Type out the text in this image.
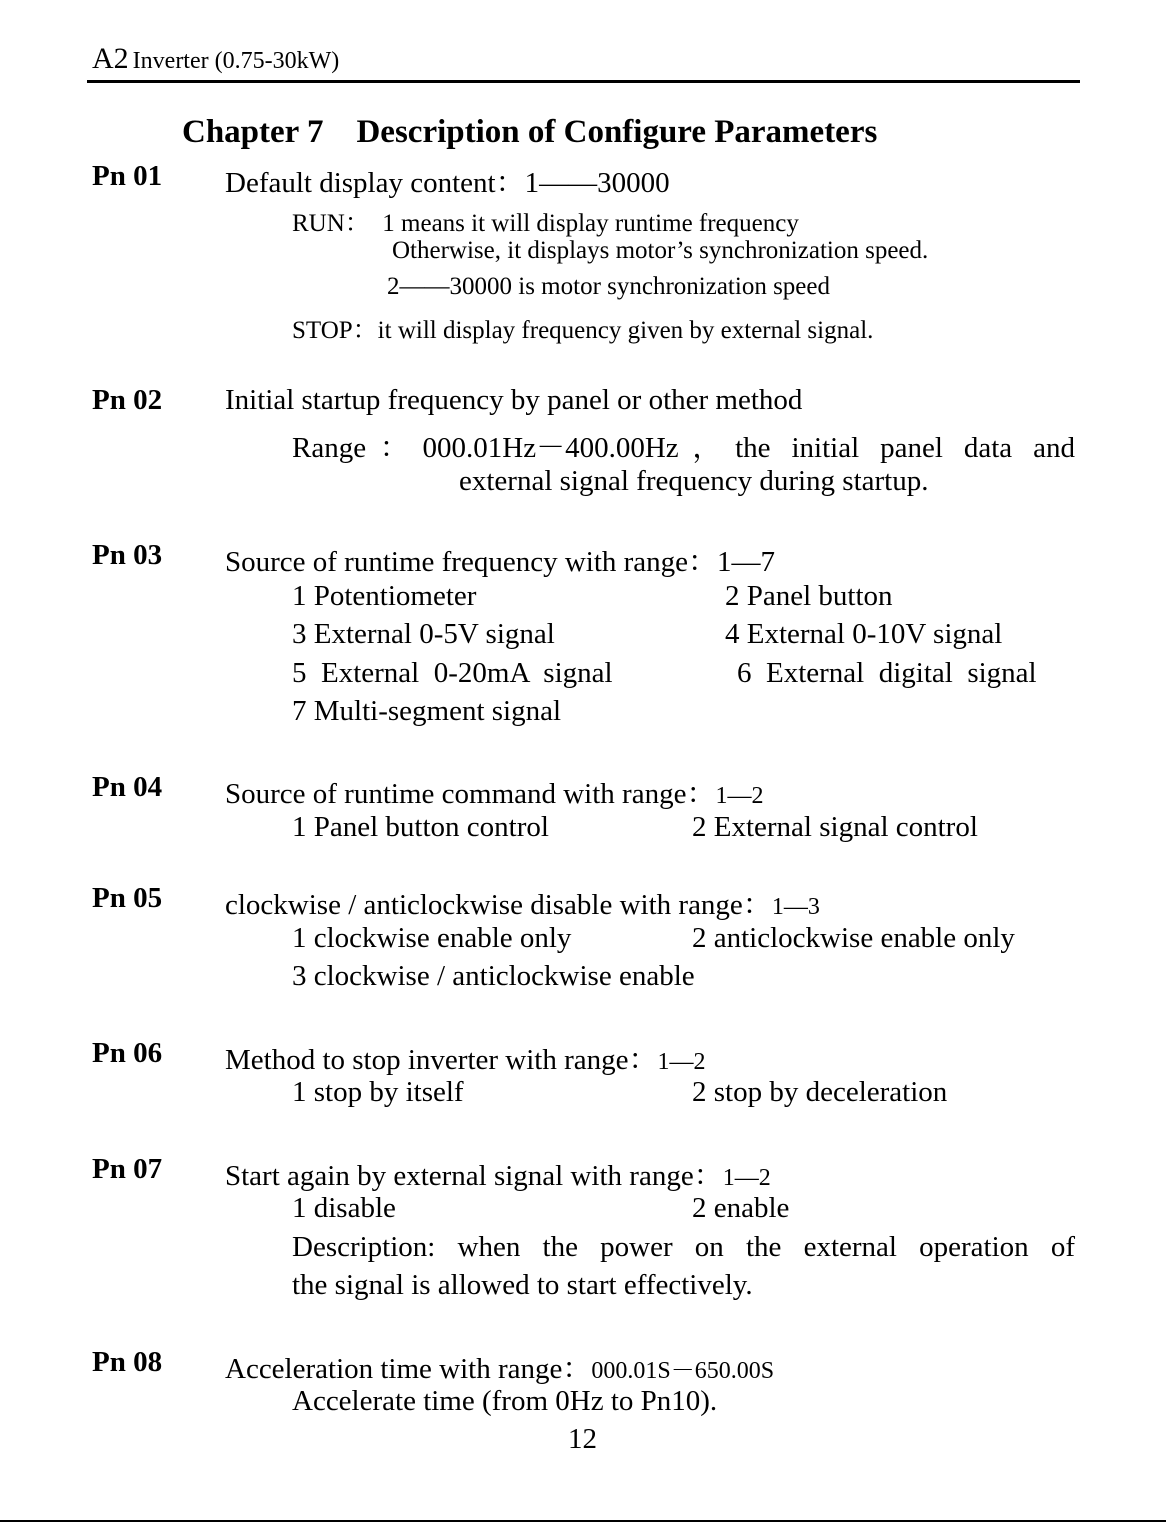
A2 Inverter (0.75-30kW)
Chapter 7    Description of Configure Parameters
Pn 01 Default display content：1——30000
RUN：  1 means it will display runtime frequency
Otherwise, it displays motor’s synchronization speed.
2——30000 is motor synchronization speed
STOP：it will display frequency given by external signal.
Pn 02 Initial startup frequency by panel or other method
Range：000.01Hz－400.00Hz，the initial panel data and
external signal frequency during startup.
Pn 03 Source of runtime frequency with range：1—7
1 Potentiometer	2 Panel button
3 External 0-5V signal	4 External 0-10V signal
5  External  0-20mA  signal	6  External  digital  signal
7 Multi-segment signal
Pn 04 Source of runtime command with range：1—2
1 Panel button control	2 External signal control
Pn 05 clockwise / anticlockwise disable with range：1—3
1 clockwise enable only	2 anticlockwise enable only
3 clockwise / anticlockwise enable
Pn 06 Method to stop inverter with range：1—2
1 stop by itself	2 stop by deceleration
Pn 07 Start again by external signal with range：1—2
1 disable	2 enable
Description: when the power on the external operation of
the signal is allowed to start effectively.
Pn 08 Acceleration time with range：000.01S－650.00S
Accelerate time (from 0Hz to Pn10).
12
